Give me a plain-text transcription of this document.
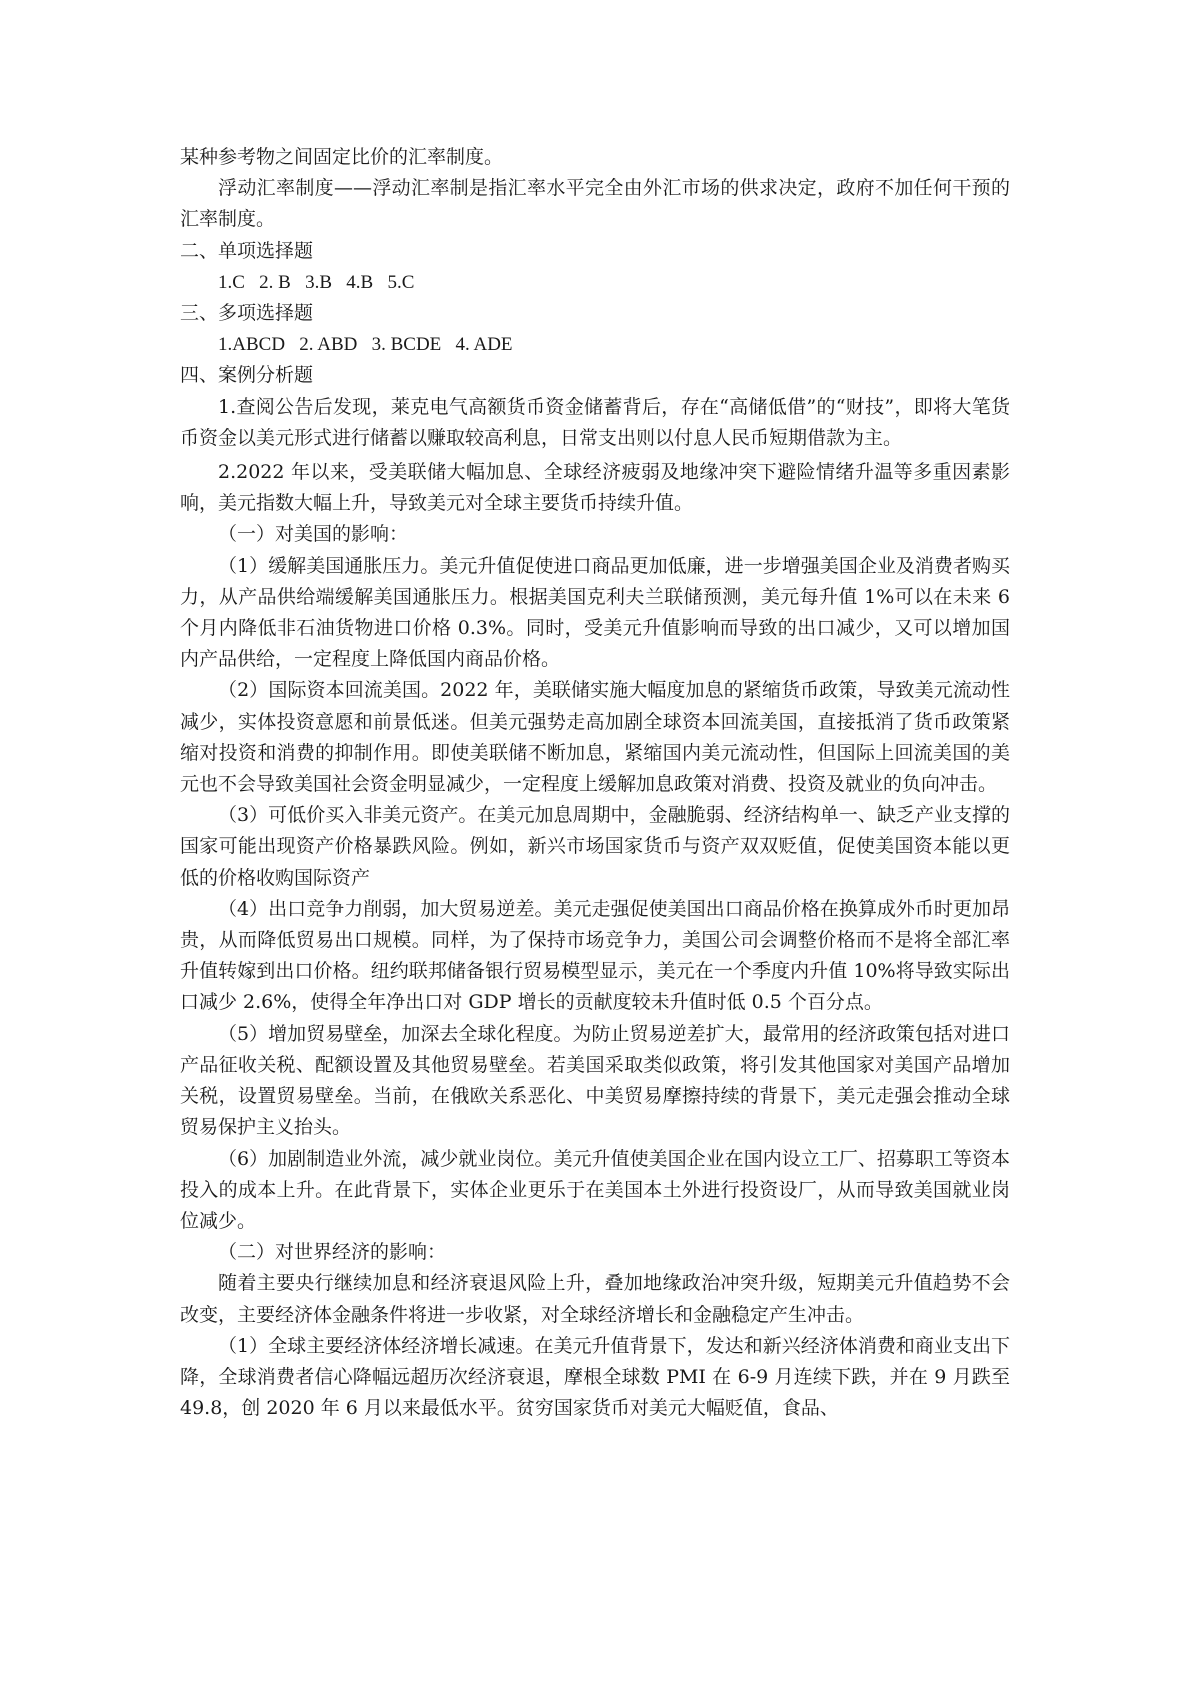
某种参考物之间固定比价的汇率制度。

浮动汇率制度——浮动汇率制是指汇率水平完全由外汇市场的供求决定，政府不加任何干预的汇率制度。

二、单项选择题

1.C   2. B   3.B   4.B   5.C

三、多项选择题

1.ABCD   2. ABD   3. BCDE   4. ADE

四、案例分析题

1.查阅公告后发现，莱克电气高额货币资金储蓄背后，存在“高储低借”的“财技”，即将大笔货币资金以美元形式进行储蓄以赚取较高利息，日常支出则以付息人民币短期借款为主。

2.2022 年以来，受美联储大幅加息、全球经济疲弱及地缘冲突下避险情绪升温等多重因素影响，美元指数大幅上升，导致美元对全球主要货币持续升值。

（一）对美国的影响：

（1）缓解美国通胀压力。美元升值促使进口商品更加低廉，进一步增强美国企业及消费者购买力，从产品供给端缓解美国通胀压力。根据美国克利夫兰联储预测，美元每升值 1%可以在未来 6 个月内降低非石油货物进口价格 0.3%。同时，受美元升值影响而导致的出口减少，又可以增加国内产品供给，一定程度上降低国内商品价格。

（2）国际资本回流美国。2022 年，美联储实施大幅度加息的紧缩货币政策，导致美元流动性减少，实体投资意愿和前景低迷。但美元强势走高加剧全球资本回流美国，直接抵消了货币政策紧缩对投资和消费的抑制作用。即使美联储不断加息，紧缩国内美元流动性，但国际上回流美国的美元也不会导致美国社会资金明显减少，一定程度上缓解加息政策对消费、投资及就业的负向冲击。

（3）可低价买入非美元资产。在美元加息周期中，金融脆弱、经济结构单一、缺乏产业支撑的国家可能出现资产价格暴跌风险。例如，新兴市场国家货币与资产双双贬值，促使美国资本能以更低的价格收购国际资产

（4）出口竞争力削弱，加大贸易逆差。美元走强促使美国出口商品价格在换算成外币时更加昂贵，从而降低贸易出口规模。同样，为了保持市场竞争力，美国公司会调整价格而不是将全部汇率升值转嫁到出口价格。纽约联邦储备银行贸易模型显示，美元在一个季度内升值 10%将导致实际出口减少 2.6%，使得全年净出口对 GDP 增长的贡献度较未升值时低 0.5 个百分点。

（5）增加贸易壁垒，加深去全球化程度。为防止贸易逆差扩大，最常用的经济政策包括对进口产品征收关税、配额设置及其他贸易壁垒。若美国采取类似政策，将引发其他国家对美国产品增加关税，设置贸易壁垒。当前，在俄欧关系恶化、中美贸易摩擦持续的背景下，美元走强会推动全球贸易保护主义抬头。

（6）加剧制造业外流，减少就业岗位。美元升值使美国企业在国内设立工厂、招募职工等资本投入的成本上升。在此背景下，实体企业更乐于在美国本土外进行投资设厂，从而导致美国就业岗位减少。

（二）对世界经济的影响：

随着主要央行继续加息和经济衰退风险上升，叠加地缘政治冲突升级，短期美元升值趋势不会改变，主要经济体金融条件将进一步收紧，对全球经济增长和金融稳定产生冲击。

（1）全球主要经济体经济增长减速。在美元升值背景下，发达和新兴经济体消费和商业支出下降，全球消费者信心降幅远超历次经济衰退，摩根全球数 PMI 在 6-9 月连续下跌，并在 9 月跌至 49.8，创 2020 年 6 月以来最低水平。贫穷国家货币对美元大幅贬值，食品、
